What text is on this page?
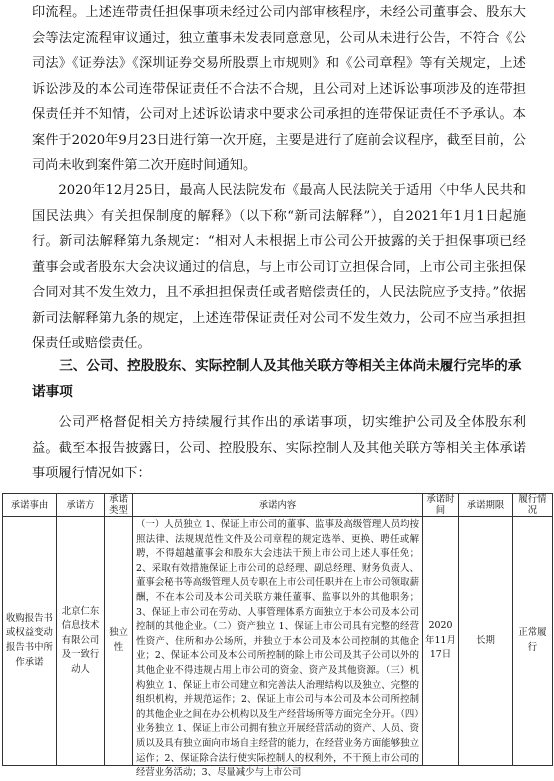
印流程。上述连带责任担保事项未经过公司内部审核程序，未经公司董事会、股东大会等法定流程审议通过，独立董事未发表同意意见，公司从未进行公告，不符合《公司法》《证券法》《深圳证券交易所股票上市规则》和《公司章程》等有关规定，上述诉讼涉及的本公司连带保证责任不合法不合规，且公司对上述诉讼事项涉及的连带担保责任并不知情，公司对上述诉讼请求中要求公司承担的连带保证责任不予承认。本案件于2020年9月23日进行第一次开庭，主要是进行了庭前会议程序，截至目前，公司尚未收到案件第二次开庭时间通知。

2020年12月25日，最高人民法院发布《最高人民法院关于适用〈中华人民共和国民法典〉有关担保制度的解释》（以下称“新司法解释”），自2021年1月1日起施行。新司法解释第九条规定：“相对人未根据上市公司公开披露的关于担保事项已经董事会或者股东大会决议通过的信息，与上市公司订立担保合同，上市公司主张担保合同对其不发生效力，且不承担担保责任或者赔偿责任的，人民法院应予支持。”依据新司法解释第九条的规定，上述连带保证责任对公司不发生效力，公司不应当承担担保责任或赔偿责任。

三、公司、控股股东、实际控制人及其他关联方等相关主体尚未履行完毕的承诺事项

公司严格督促相关方持续履行其作出的承诺事项，切实维护公司及全体股东利益。截至本报告披露日，公司、控股股东、实际控制人及其他关联方等相关主体承诺事项履行情况如下：

承诺事由	承诺方	承诺类型	承诺内容	承诺时间	承诺期限	履行情况
收购报告书或权益变动报告书中所作承诺	北京仁东信息技术有限公司及一致行动人	独立性	（一）人员独立 1、保证上市公司的董事、监事及高级管理人员均按照法律、法规规范性文件及公司章程的规定选举、更换、聘任或解聘，不得超越董事会和股东大会违法干预上市公司上述人事任免；2、采取有效措施保证上市公司的总经理、副总经理、财务负责人、董事会秘书等高级管理人员专职在上市公司任职并在上市公司领取薪酬，不在本公司及本公司关联方兼任董事、监事以外的其他职务；3、保证上市公司在劳动、人事管理体系方面独立于本公司及本公司控制的其他企业。（二）资产独立 1、保证上市公司具有完整的经营性资产、住所和办公场所，并独立于本公司及本公司控制的其他企业；2、保证本公司及本公司所控制的除上市公司及其子公司以外的其他企业不得违规占用上市公司的资金、资产及其他资源。（三）机构独立 1、保证上市公司建立和完善法人治理结构以及独立、完整的组织机构，并规范运作；2、保证上市公司与本公司及本公司所控制的其他企业之间在办公机构以及生产经营场所等方面完全分开。（四）业务独立 1、保证上市公司拥有独立开展经营活动的资产、人员、资质以及具有独立面向市场自主经营的能力，在经营业务方面能够独立运作；2、保证除合法行使实际控制人的权利外，不干预上市公司的经营业务活动；3、尽量减少与上市公司	2020年11月17日	长期	正常履行
